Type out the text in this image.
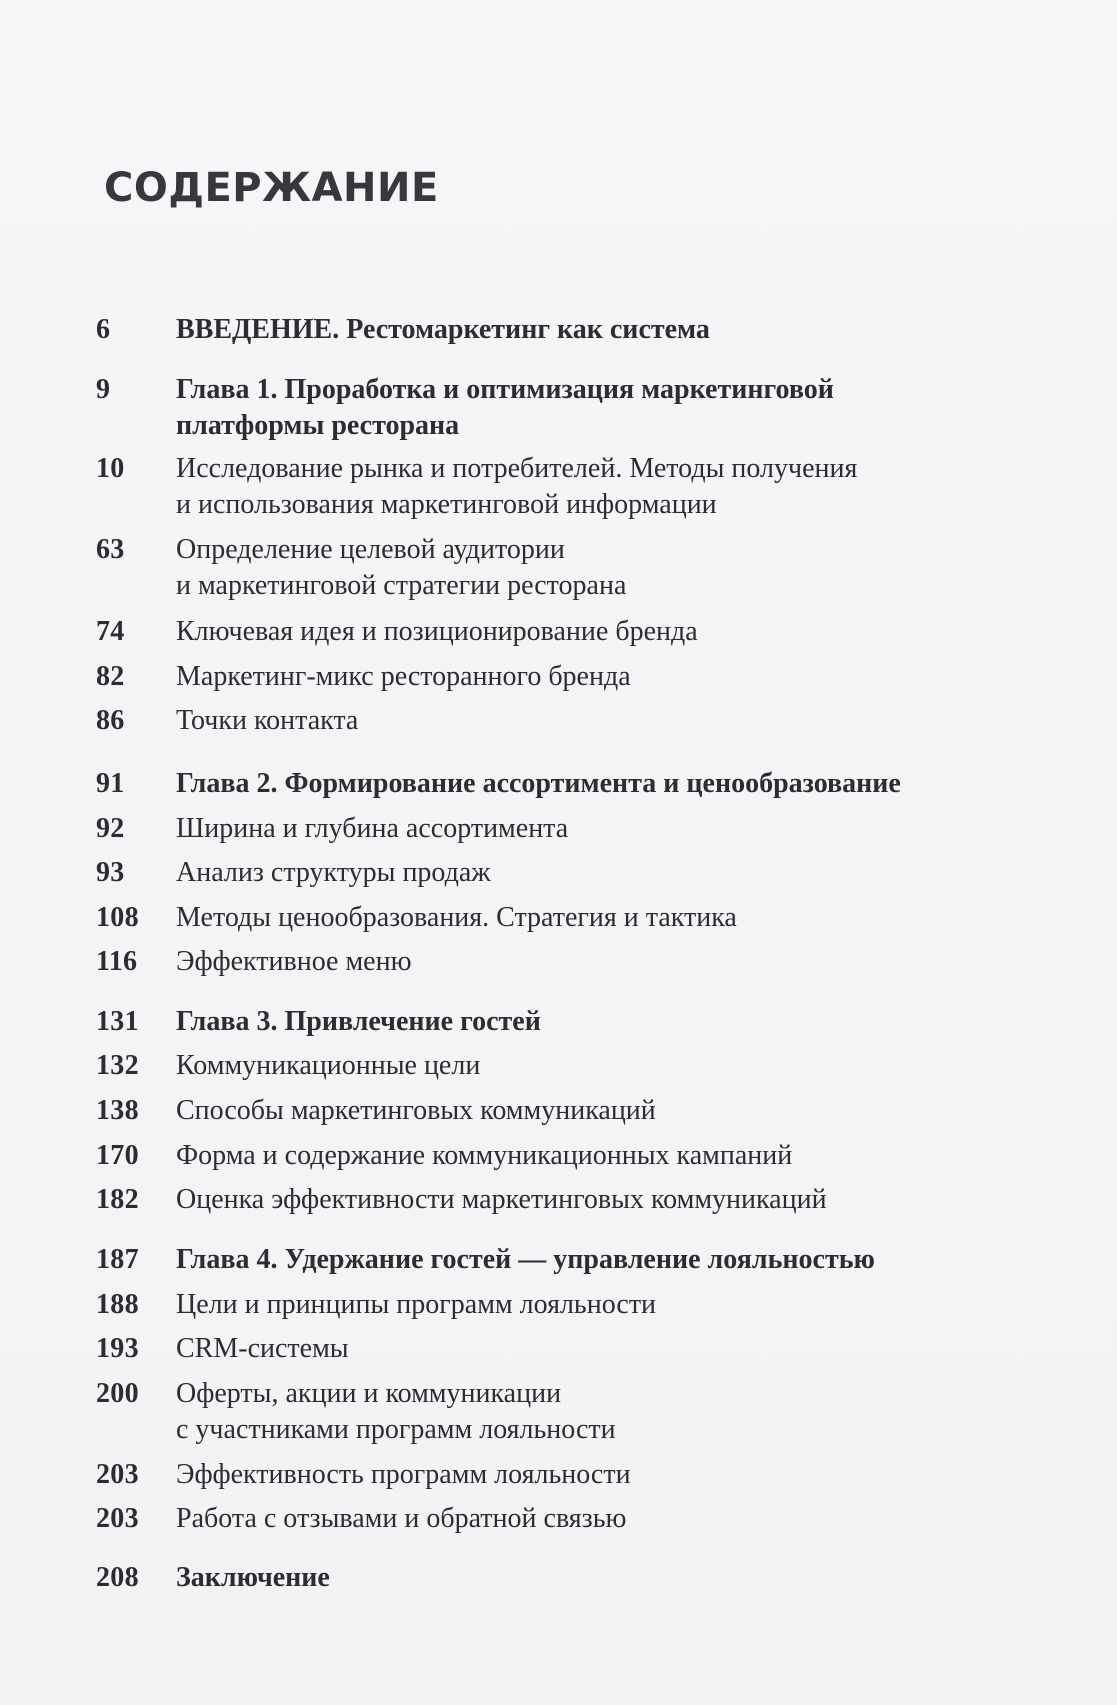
СОДЕРЖАНИЕ
6	ВВЕДЕНИЕ. Рестомаркетинг как система
9	Глава 1. Проработка и оптимизация маркетинговой
платформы ресторана
10	Исследование рынка и потребителей. Методы получения
и использования маркетинговой информации
63	Определение целевой аудитории
и маркетинговой стратегии ресторана
74	Ключевая идея и позиционирование бренда
82	Маркетинг-микс ресторанного бренда
86	Точки контакта
91	Глава 2. Формирование ассортимента и ценообразование
92	Ширина и глубина ассортимента
93	Анализ структуры продаж
108	Методы ценообразования. Стратегия и тактика
116	Эффективное меню
131	Глава 3. Привлечение гостей
132	Коммуникационные цели
138	Способы маркетинговых коммуникаций
170	Форма и содержание коммуникационных кампаний
182	Оценка эффективности маркетинговых коммуникаций
187	Глава 4. Удержание гостей — управление лояльностью
188	Цели и принципы программ лояльности
193	CRM-системы
200	Оферты, акции и коммуникации
с участниками программ лояльности
203	Эффективность программ лояльности
203	Работа с отзывами и обратной связью
208	Заключение
